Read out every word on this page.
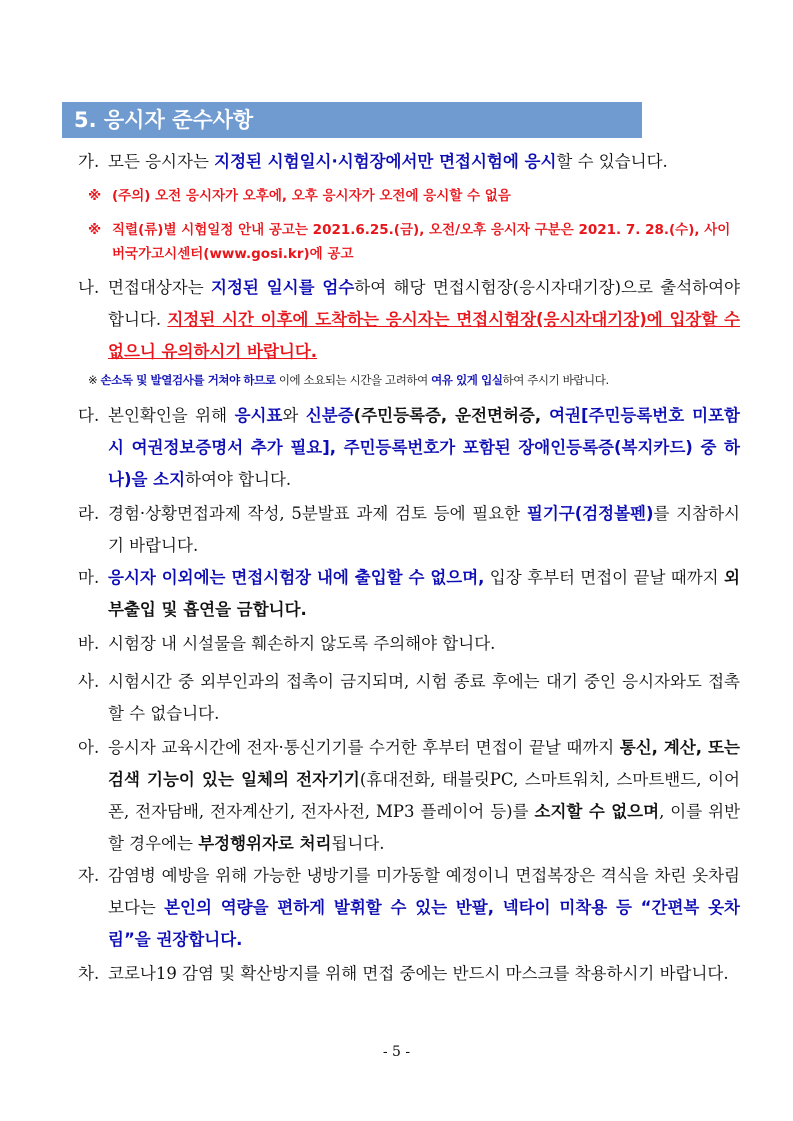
5. 응시자 준수사항
가. 모든 응시자는 지정된 시험일시·시험장에서만 면접시험에 응시할 수 있습니다.
※ (주의) 오전 응시자가 오후에, 오후 응시자가 오전에 응시할 수 없음
※ 직렬(류)별 시험일정 안내 공고는 2021.6.25.(금), 오전/오후 응시자 구분은 2021. 7. 28.(수), 사이버국가고시센터(www.gosi.kr)에 공고
나. 면접대상자는 지정된 일시를 엄수하여 해당 면접시험장(응시자대기장)으로 출석하여야 합니다. 지정된 시간 이후에 도착하는 응시자는 면접시험장(응시자대기장)에 입장할 수 없으니 유의하시기 바랍니다.
※ 손소독 및 발열검사를 거쳐야 하므로 이에 소요되는 시간을 고려하여 여유 있게 입실하여 주시기 바랍니다.
다. 본인확인을 위해 응시표와 신분증(주민등록증, 운전면허증, 여권[주민등록번호 미포함시 여권정보증명서 추가 필요], 주민등록번호가 포함된 장애인등록증(복지카드) 중 하나)을 소지하여야 합니다.
라. 경험·상황면접과제 작성, 5분발표 과제 검토 등에 필요한 필기구(검정볼펜)를 지참하시기 바랍니다.
마. 응시자 이외에는 면접시험장 내에 출입할 수 없으며, 입장 후부터 면접이 끝날 때까지 외부출입 및 흡연을 금합니다.
바. 시험장 내 시설물을 훼손하지 않도록 주의해야 합니다.
사. 시험시간 중 외부인과의 접촉이 금지되며, 시험 종료 후에는 대기 중인 응시자와도 접촉할 수 없습니다.
아. 응시자 교육시간에 전자·통신기기를 수거한 후부터 면접이 끝날 때까지 통신, 계산, 또는 검색 기능이 있는 일체의 전자기기(휴대전화, 태블릿PC, 스마트워치, 스마트밴드, 이어폰, 전자담배, 전자계산기, 전자사전, MP3 플레이어 등)를 소지할 수 없으며, 이를 위반할 경우에는 부정행위자로 처리됩니다.
자. 감염병 예방을 위해 가능한 냉방기를 미가동할 예정이니 면접복장은 격식을 차린 옷차림보다는 본인의 역량을 편하게 발휘할 수 있는 반팔, 넥타이 미착용 등 “간편복 옷차림”을 권장합니다.
차. 코로나19 감염 및 확산방지를 위해 면접 중에는 반드시 마스크를 착용하시기 바랍니다.
- 5 -
